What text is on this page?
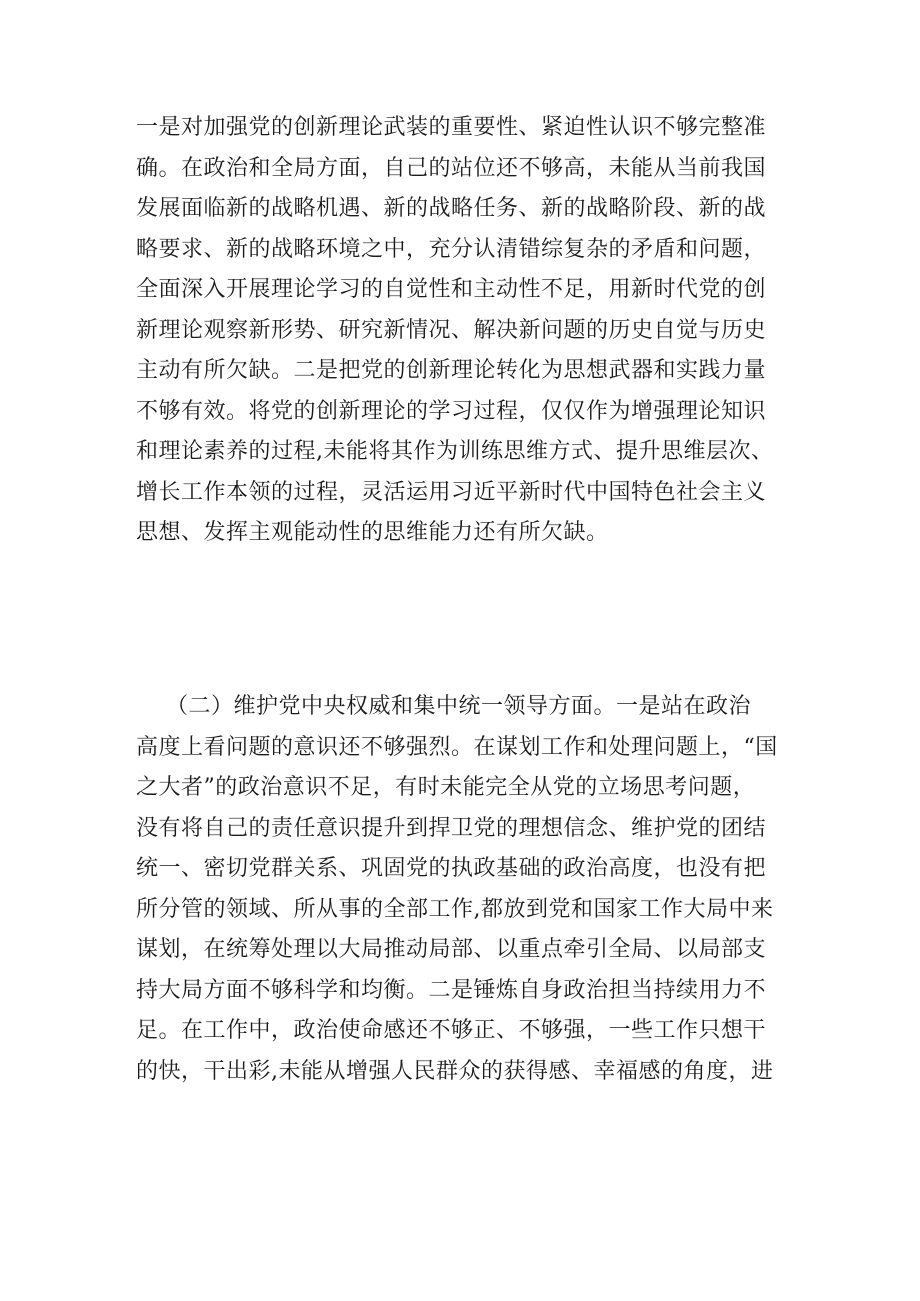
一是对加强党的创新理论武装的重要性、紧迫性认识不够完整准
确。在政治和全局方面，自己的站位还不够高，未能从当前我国
发展面临新的战略机遇、新的战略任务、新的战略阶段、新的战
略要求、新的战略环境之中，充分认清错综复杂的矛盾和问题，
全面深入开展理论学习的自觉性和主动性不足，用新时代党的创
新理论观察新形势、研究新情况、解决新问题的历史自觉与历史
主动有所欠缺。二是把党的创新理论转化为思想武器和实践力量
不够有效。将党的创新理论的学习过程，仅仅作为增强理论知识
和理论素养的过程,未能将其作为训练思维方式、提升思维层次、
增长工作本领的过程，灵活运用习近平新时代中国特色社会主义
思想、发挥主观能动性的思维能力还有所欠缺。

（二）维护党中央权威和集中统一领导方面。一是站在政治
高度上看问题的意识还不够强烈。在谋划工作和处理问题上，“国
之大者”的政治意识不足，有时未能完全从党的立场思考问题，
没有将自己的责任意识提升到捍卫党的理想信念、维护党的团结
统一、密切党群关系、巩固党的执政基础的政治高度，也没有把
所分管的领域、所从事的全部工作,都放到党和国家工作大局中来
谋划，在统筹处理以大局推动局部、以重点牵引全局、以局部支
持大局方面不够科学和均衡。二是锤炼自身政治担当持续用力不
足。在工作中，政治使命感还不够正、不够强，一些工作只想干
的快，干出彩,未能从增强人民群众的获得感、幸福感的角度，进
